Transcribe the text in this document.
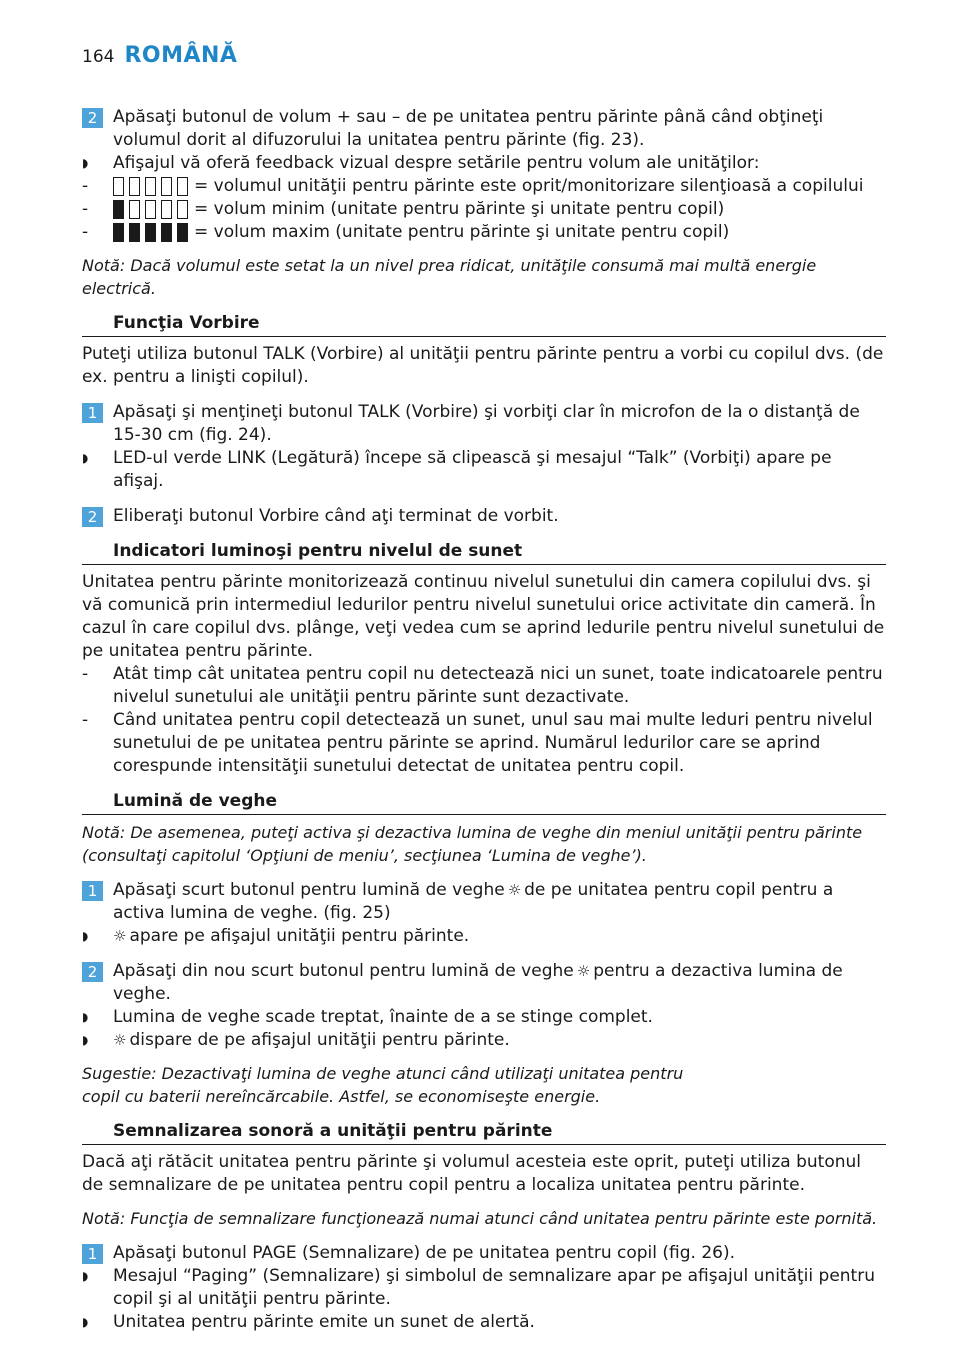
164 ROMÂNĂ
2 Apăsaţi butonul de volum + sau – de pe unitatea pentru părinte până când obţineţi volumul dorit al difuzorului la unitatea pentru părinte (fig. 23).
◗	Afişajul vă oferă feedback vizual despre setările pentru volum ale unităţilor:
-	= volumul unităţii pentru părinte este oprit/monitorizare silenţioasă a copilului
-	= volum minim (unitate pentru părinte şi unitate pentru copil)
-	= volum maxim (unitate pentru părinte şi unitate pentru copil)
Notă: Dacă volumul este setat la un nivel prea ridicat, unităţile consumă mai multă energie electrică.
Funcţia Vorbire
Puteţi utiliza butonul TALK (Vorbire) al unităţii pentru părinte pentru a vorbi cu copilul dvs. (de ex. pentru a linişti copilul).
1 Apăsaţi şi menţineţi butonul TALK (Vorbire) şi vorbiţi clar în microfon de la o distanţă de 15-30 cm (fig. 24).
◗	LED-ul verde LINK (Legătură) începe să clipească şi mesajul “Talk” (Vorbiţi) apare pe afişaj.
2 Eliberaţi butonul Vorbire când aţi terminat de vorbit.
Indicatori luminoşi pentru nivelul de sunet
Unitatea pentru părinte monitorizează continuu nivelul sunetului din camera copilului dvs. şi vă comunică prin intermediul ledurilor pentru nivelul sunetului orice activitate din cameră. În cazul în care copilul dvs. plânge, veţi vedea cum se aprind ledurile pentru nivelul sunetului de pe unitatea pentru părinte.
-	Atât timp cât unitatea pentru copil nu detectează nici un sunet, toate indicatoarele pentru nivelul sunetului ale unităţii pentru părinte sunt dezactivate.
-	Când unitatea pentru copil detectează un sunet, unul sau mai multe leduri pentru nivelul sunetului de pe unitatea pentru părinte se aprind. Numărul ledurilor care se aprind corespunde intensităţii sunetului detectat de unitatea pentru copil.
Lumină de veghe
Notă: De asemenea, puteţi activa şi dezactiva lumina de veghe din meniul unităţii pentru părinte (consultaţi capitolul ‘Opţiuni de meniu’, secţiunea ‘Lumina de veghe’).
1 Apăsaţi scurt butonul pentru lumină de veghe ☼ de pe unitatea pentru copil pentru a activa lumina de veghe. (fig. 25)
◗	☼ apare pe afişajul unităţii pentru părinte.
2 Apăsaţi din nou scurt butonul pentru lumină de veghe ☼ pentru a dezactiva lumina de veghe.
◗	Lumina de veghe scade treptat, înainte de a se stinge complet.
◗	☼ dispare de pe afişajul unităţii pentru părinte.
Sugestie: Dezactivaţi lumina de veghe atunci când utilizaţi unitatea pentru copil cu baterii nereîncărcabile. Astfel, se economiseşte energie.
Semnalizarea sonoră a unităţii pentru părinte
Dacă aţi rătăcit unitatea pentru părinte şi volumul acesteia este oprit, puteţi utiliza butonul de semnalizare de pe unitatea pentru copil pentru a localiza unitatea pentru părinte.
Notă: Funcţia de semnalizare funcţionează numai atunci când unitatea pentru părinte este pornită.
1 Apăsaţi butonul PAGE (Semnalizare) de pe unitatea pentru copil (fig. 26).
◗	Mesajul “Paging” (Semnalizare) şi simbolul de semnalizare apar pe afişajul unităţii pentru copil şi al unităţii pentru părinte.
◗	Unitatea pentru părinte emite un sunet de alertă.
